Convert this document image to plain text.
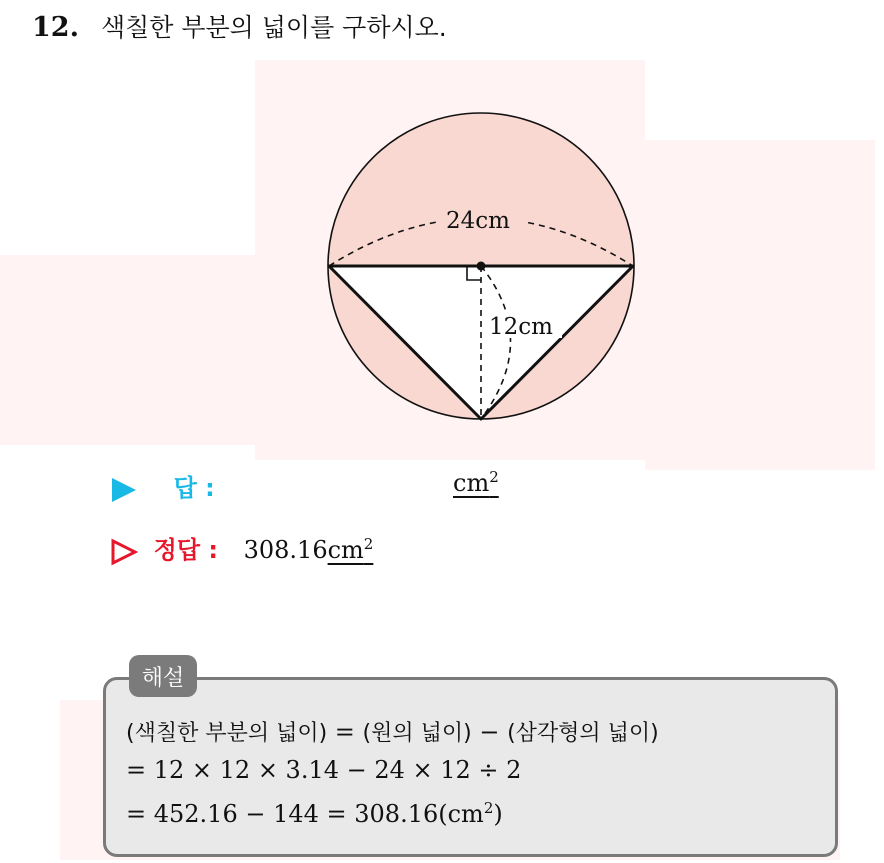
12. 색칠한 부분의 넓이를 구하시오.
24cm
12cm
답 :	$cm^2$
정답 : $308.16cm^2$
해설
(색칠한 부분의 넓이) = (원의 넓이) − (삼각형의 넓이)
= 12 × 12 × 3.14 − 24 × 12 ÷ 2
= $452.16 - 144 = 308.16(cm^2)$
